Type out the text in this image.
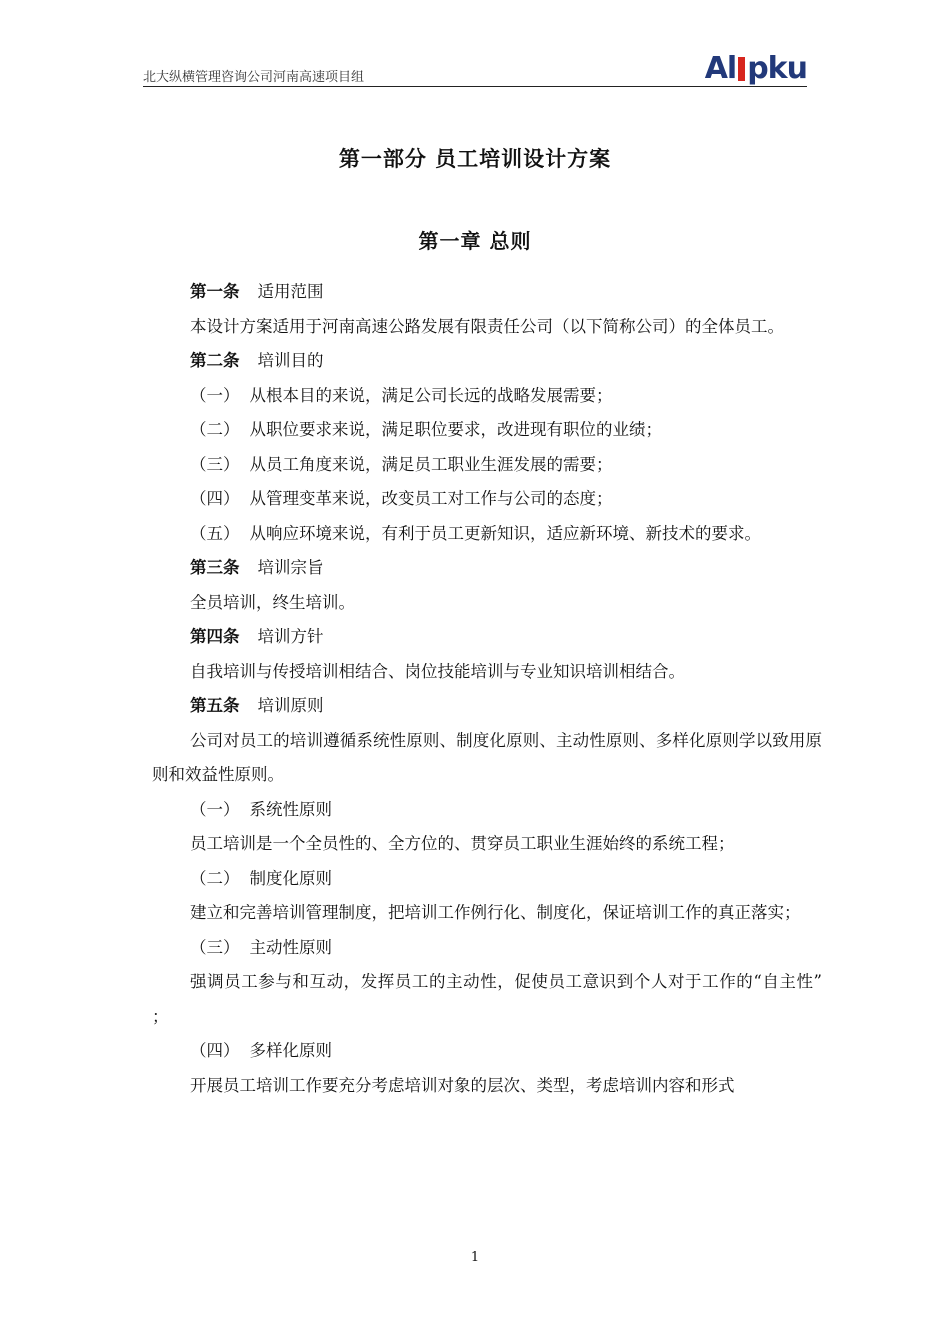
北大纵横管理咨询公司河南高速项目组	Al pku
第一部分 员工培训设计方案
第一章 总则

第一条 适用范围

本设计方案适用于河南高速公路发展有限责任公司（以下简称公司）的全体员工。

第二条 培训目的

（一） 从根本目的来说，满足公司长远的战略发展需要；

（二） 从职位要求来说，满足职位要求，改进现有职位的业绩；

（三） 从员工角度来说，满足员工职业生涯发展的需要；

（四） 从管理变革来说，改变员工对工作与公司的态度；

（五） 从响应环境来说，有利于员工更新知识，适应新环境、新技术的要求。

第三条 培训宗旨

全员培训，终生培训。

第四条 培训方针

自我培训与传授培训相结合、岗位技能培训与专业知识培训相结合。

第五条 培训原则

公司对员工的培训遵循系统性原则、制度化原则、主动性原则、多样化原则学以致用原则和效益性原则。

（一） 系统性原则

员工培训是一个全员性的、全方位的、贯穿员工职业生涯始终的系统工程；

（二） 制度化原则

建立和完善培训管理制度，把培训工作例行化、制度化，保证培训工作的真正落实；

（三） 主动性原则

强调员工参与和互动，发挥员工的主动性，促使员工意识到个人对于工作的“自主性” ；

（四） 多样化原则

开展员工培训工作要充分考虑培训对象的层次、类型，考虑培训内容和形式

1
